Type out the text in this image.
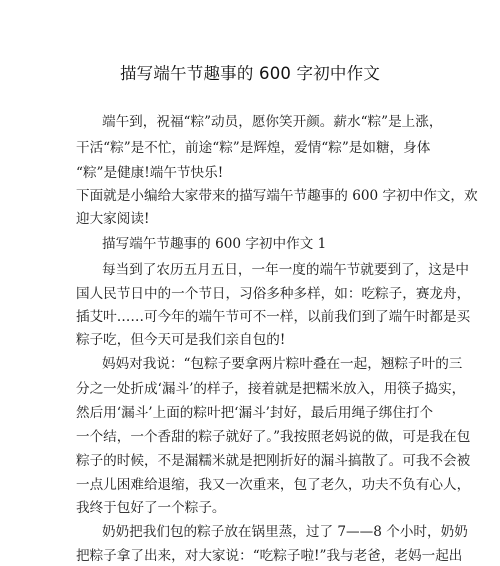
描写端午节趣事的 600 字初中作文
端午到，祝福“粽”动员，愿你笑开颜。薪水“粽”是上涨，
干活“粽”是不忙，前途“粽”是辉煌，爱情“粽”是如糖，身体
“粽”是健康!端午节快乐!
下面就是小编给大家带来的描写端午节趣事的 600 字初中作文，欢
迎大家阅读!
描写端午节趣事的 600 字初中作文 1
每当到了农历五月五日，一年一度的端午节就要到了，这是中
国人民节日中的一个节日，习俗多种多样，如：吃粽子，赛龙舟，
插艾叶……可今年的端午节可不一样，以前我们到了端午时都是买
粽子吃，但今天可是我们亲自包的!
妈妈对我说：“包粽子要拿两片粽叶叠在一起，翘粽子叶的三
分之一处折成‘漏斗’的样子，接着就是把糯米放入，用筷子捣实，
然后用‘漏斗’上面的粽叶把‘漏斗’封好，最后用绳子绑住打个
一个结，一个香甜的粽子就好了。”我按照老妈说的做，可是我在包
粽子的时候，不是漏糯米就是把刚折好的漏斗搞散了。可我不会被
一点儿困难给退缩，我又一次重来，包了老久，功夫不负有心人，
我终于包好了一个粽子。
奶奶把我们包的粽子放在锅里蒸，过了 7——8 个小时，奶奶
把粽子拿了出来，对大家说：“吃粽子啦!”我与老爸，老妈一起出
